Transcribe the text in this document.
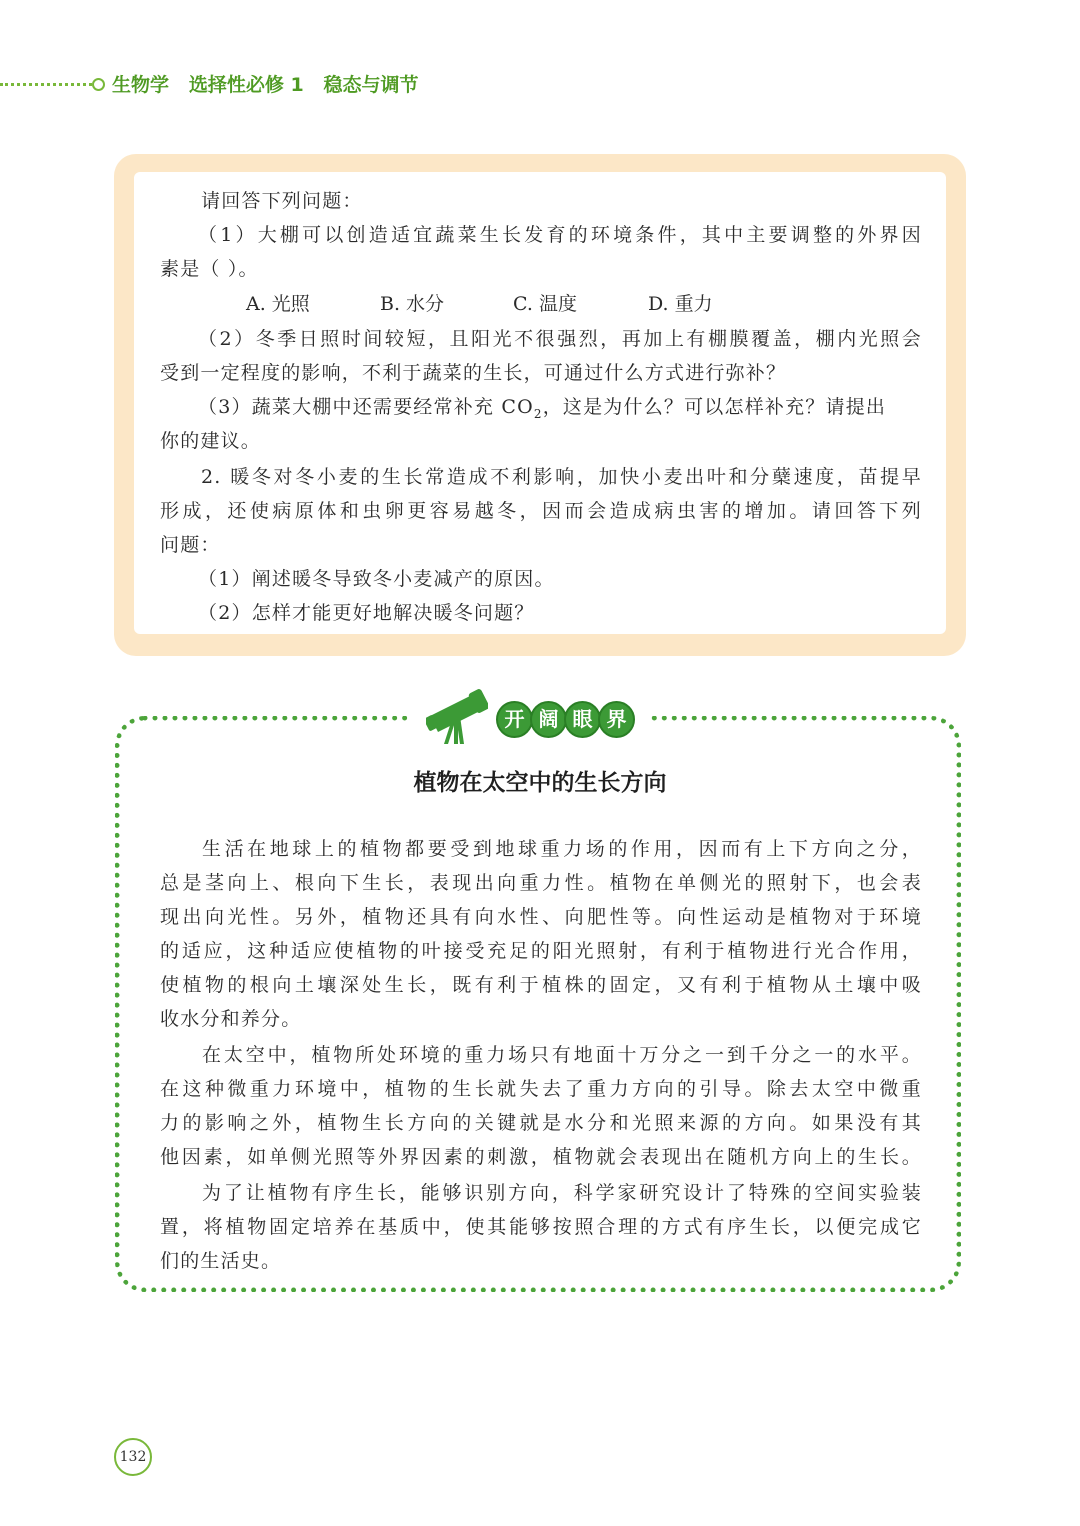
生物学   选择性必修 1   稳态与调节
请回答下列问题：
（1）大棚可以创造适宜蔬菜生长发育的环境条件，其中主要调整的外界因
素是（ ）。
A. 光照	B. 水分	C. 温度	D. 重力
（2）冬季日照时间较短，且阳光不很强烈，再加上有棚膜覆盖，棚内光照会
受到一定程度的影响，不利于蔬菜的生长，可通过什么方式进行弥补？
（3）蔬菜大棚中还需要经常补充 $CO_2$，这是为什么？可以怎样补充？请提出
你的建议。
2. 暖冬对冬小麦的生长常造成不利影响，加快小麦出叶和分蘖速度，苗提早
形成，还使病原体和虫卵更容易越冬，因而会造成病虫害的增加。请回答下列
问题：
（1）阐述暖冬导致冬小麦减产的原因。
（2）怎样才能更好地解决暖冬问题？
开 阔 眼 界
植物在太空中的生长方向
生活在地球上的植物都要受到地球重力场的作用，因而有上下方向之分，
总是茎向上、根向下生长，表现出向重力性。植物在单侧光的照射下，也会表
现出向光性。另外，植物还具有向水性、向肥性等。向性运动是植物对于环境
的适应，这种适应使植物的叶接受充足的阳光照射，有利于植物进行光合作用，
使植物的根向土壤深处生长，既有利于植株的固定，又有利于植物从土壤中吸
收水分和养分。
在太空中，植物所处环境的重力场只有地面十万分之一到千分之一的水平。
在这种微重力环境中，植物的生长就失去了重力方向的引导。除去太空中微重
力的影响之外，植物生长方向的关键就是水分和光照来源的方向。如果没有其
他因素，如单侧光照等外界因素的刺激，植物就会表现出在随机方向上的生长。
为了让植物有序生长，能够识别方向，科学家研究设计了特殊的空间实验装
置，将植物固定培养在基质中，使其能够按照合理的方式有序生长，以便完成它
们的生活史。
132
